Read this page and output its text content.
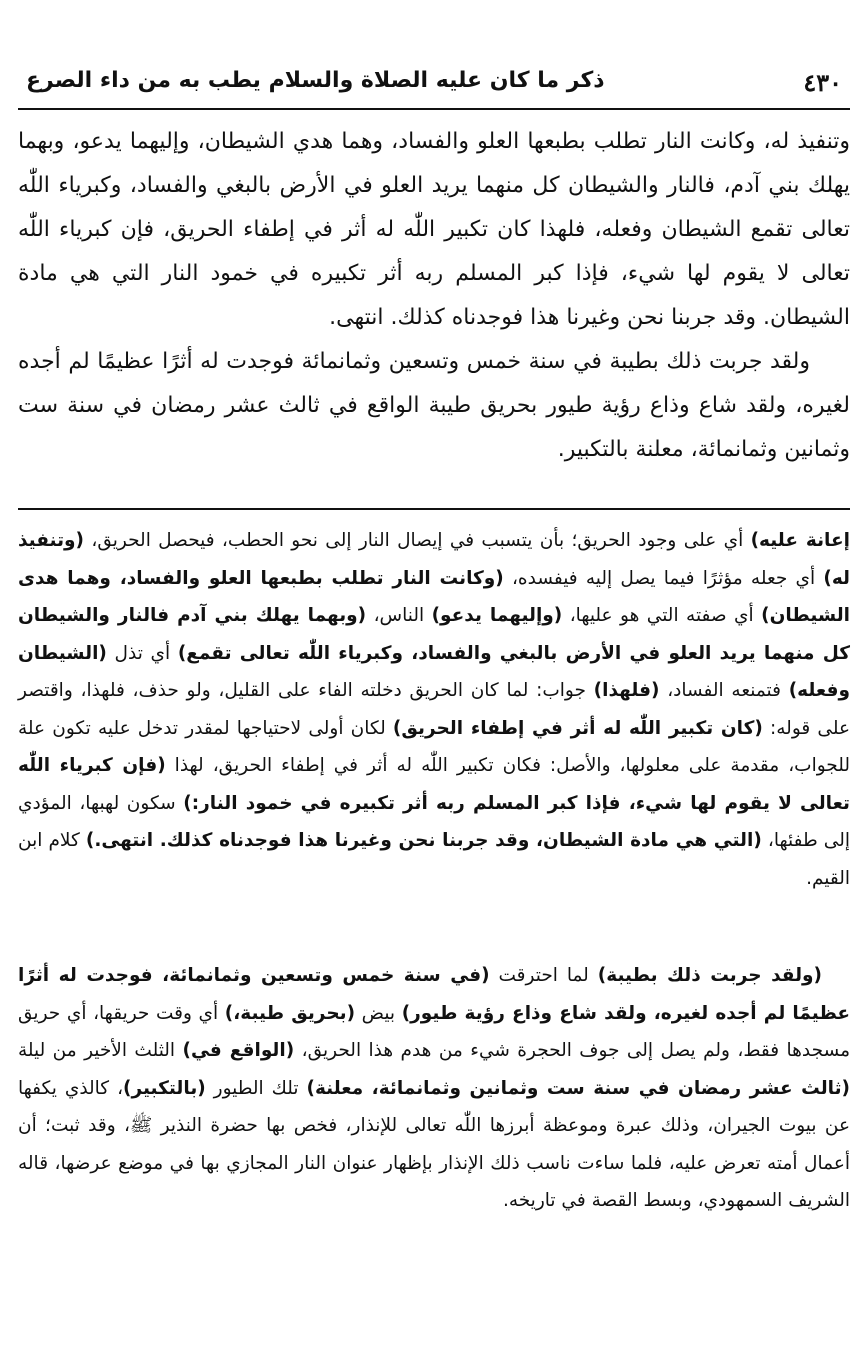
٤٣٠
ذكر ما كان عليه الصلاة والسلام يطب به من داء الصرع

وتنفيذ له، وكانت النار تطلب بطبعها العلو والفساد، وهما هدي الشيطان، وإليهما يدعو، وبهما يهلك بني آدم، فالنار والشيطان كل منهما يريد العلو في الأرض بالبغي والفساد، وكبرياء اللّٰه تعالى تقمع الشيطان وفعله، فلهذا كان تكبير اللّٰه له أثر في إطفاء الحريق، فإن كبرياء اللّٰه تعالى لا يقوم لها شيء، فإذا كبر المسلم ربه أثر تكبيره في خمود النار التي هي مادة الشيطان. وقد جربنا نحن وغيرنا هذا فوجدناه كذلك. انتهى.

ولقد جربت ذلك بطيبة في سنة خمس وتسعين وثمانمائة فوجدت له أثرًا عظيمًا لم أجده لغيره، ولقد شاع وذاع رؤية طيور بحريق طيبة الواقع في ثالث عشر رمضان في سنة ست وثمانين وثمانمائة، معلنة بالتكبير.

إعانة عليه) أي على وجود الحريق؛ بأن يتسبب في إيصال النار إلى نحو الحطب، فيحصل الحريق، (وتنفيذ له) أي جعله مؤثرًا فيما يصل إليه فيفسده، (وكانت النار تطلب بطبعها العلو والفساد، وهما هدى الشيطان) أي صفته التي هو عليها، (وإليهما يدعو) الناس، (وبهما يهلك بني آدم فالنار والشيطان كل منهما يريد العلو في الأرض بالبغي والفساد، وكبرياء اللّٰه تعالى تقمع) أي تذل (الشيطان وفعله) فتمنعه الفساد، (فلهذا) جواب: لما كان الحريق دخلته الفاء على القليل، ولو حذف، فلهذا، واقتصر على قوله: (كان تكبير اللّٰه له أثر في إطفاء الحريق) لكان أولى لاحتياجها لمقدر تدخل عليه تكون علة للجواب، مقدمة على معلولها، والأصل: فكان تكبير اللّٰه له أثر في إطفاء الحريق، لهذا (فإن كبرياء اللّٰه تعالى لا يقوم لها شيء، فإذا كبر المسلم ربه أثر تكبيره في خمود النار:) سكون لهبها، المؤدي إلى طفئها، (التي هي مادة الشيطان، وقد جربنا نحن وغيرنا هذا فوجدناه كذلك. انتهى.) كلام ابن القيم.

(ولقد جربت ذلك بطيبة) لما احترقت (في سنة خمس وتسعين وثمانمائة، فوجدت له أثرًا عظيمًا لم أجده لغيره، ولقد شاع وذاع رؤية طيور) بيض (بحريق طيبة،) أي وقت حريقها، أي حريق مسجدها فقط، ولم يصل إلى جوف الحجرة شيء من هدم هذا الحريق، (الواقع في) الثلث الأخير من ليلة (ثالث عشر رمضان في سنة ست وثمانين وثمانمائة، معلنة) تلك الطيور (بالتكبير)، كالذي يكفها عن بيوت الجيران، وذلك عبرة وموعظة أبرزها اللّٰه تعالى للإنذار، فخص بها حضرة النذير ﷺ، وقد ثبت؛ أن أعمال أمته تعرض عليه، فلما ساءت ناسب ذلك الإنذار بإظهار عنوان النار المجازي بها في موضع عرضها، قاله الشريف السمهودي، وبسط القصة في تاريخه.
